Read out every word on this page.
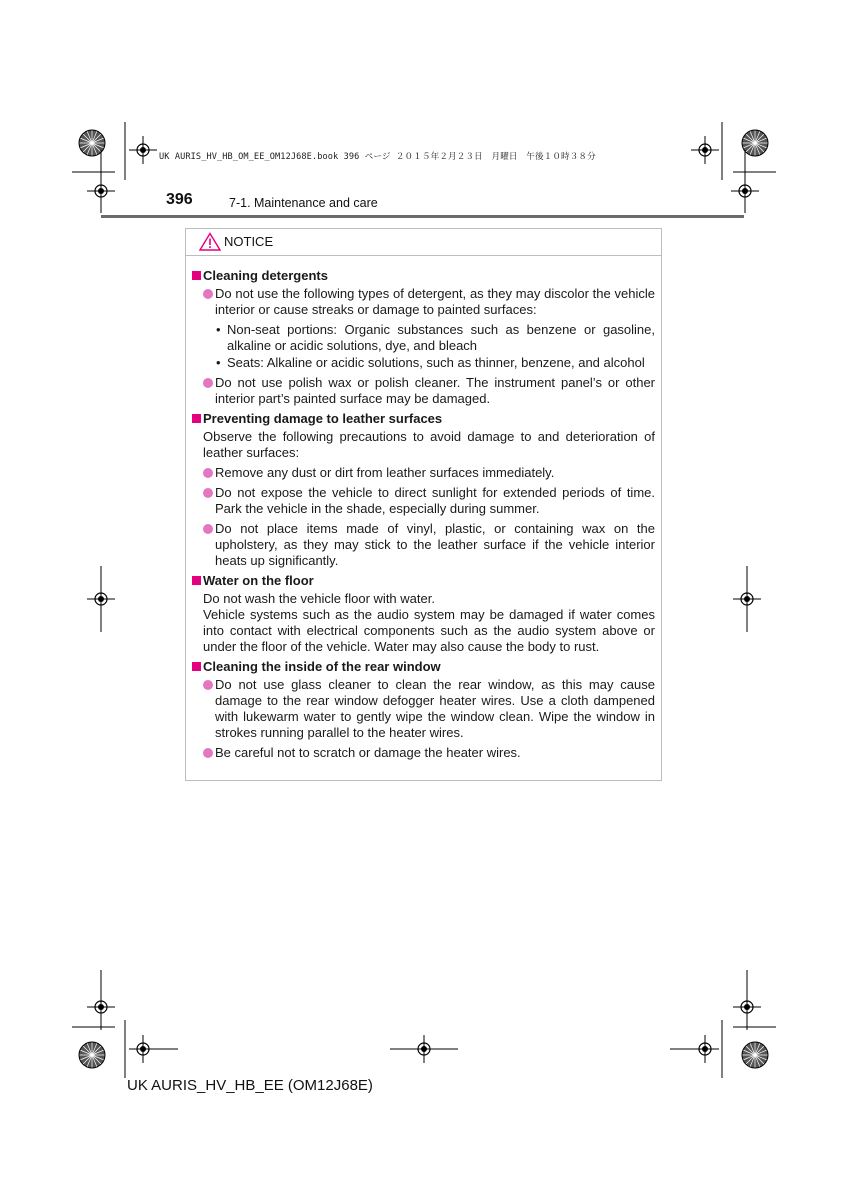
UK AURIS_HV_HB_OM_EE_OM12J68E.book 396 ページ ２０１５年２月２３日　月曜日　午後１０時３８分
396	7-1. Maintenance and care
NOTICE
Cleaning detergents
Do not use the following types of detergent, as they may discolor the vehicle interior or cause streaks or damage to painted surfaces:
• Non-seat portions: Organic substances such as benzene or gasoline, alkaline or acidic solutions, dye, and bleach
• Seats: Alkaline or acidic solutions, such as thinner, benzene, and alcohol
Do not use polish wax or polish cleaner. The instrument panel’s or other interior part’s painted surface may be damaged.
Preventing damage to leather surfaces
Observe the following precautions to avoid damage to and deterioration of leather surfaces:
Remove any dust or dirt from leather surfaces immediately.
Do not expose the vehicle to direct sunlight for extended periods of time. Park the vehicle in the shade, especially during summer.
Do not place items made of vinyl, plastic, or containing wax on the upholstery, as they may stick to the leather surface if the vehicle interior heats up significantly.
Water on the floor
Do not wash the vehicle floor with water.
Vehicle systems such as the audio system may be damaged if water comes into contact with electrical components such as the audio system above or under the floor of the vehicle. Water may also cause the body to rust.
Cleaning the inside of the rear window
Do not use glass cleaner to clean the rear window, as this may cause damage to the rear window defogger heater wires. Use a cloth dampened with lukewarm water to gently wipe the window clean. Wipe the window in strokes running parallel to the heater wires.
Be careful not to scratch or damage the heater wires.
UK AURIS_HV_HB_EE (OM12J68E)
